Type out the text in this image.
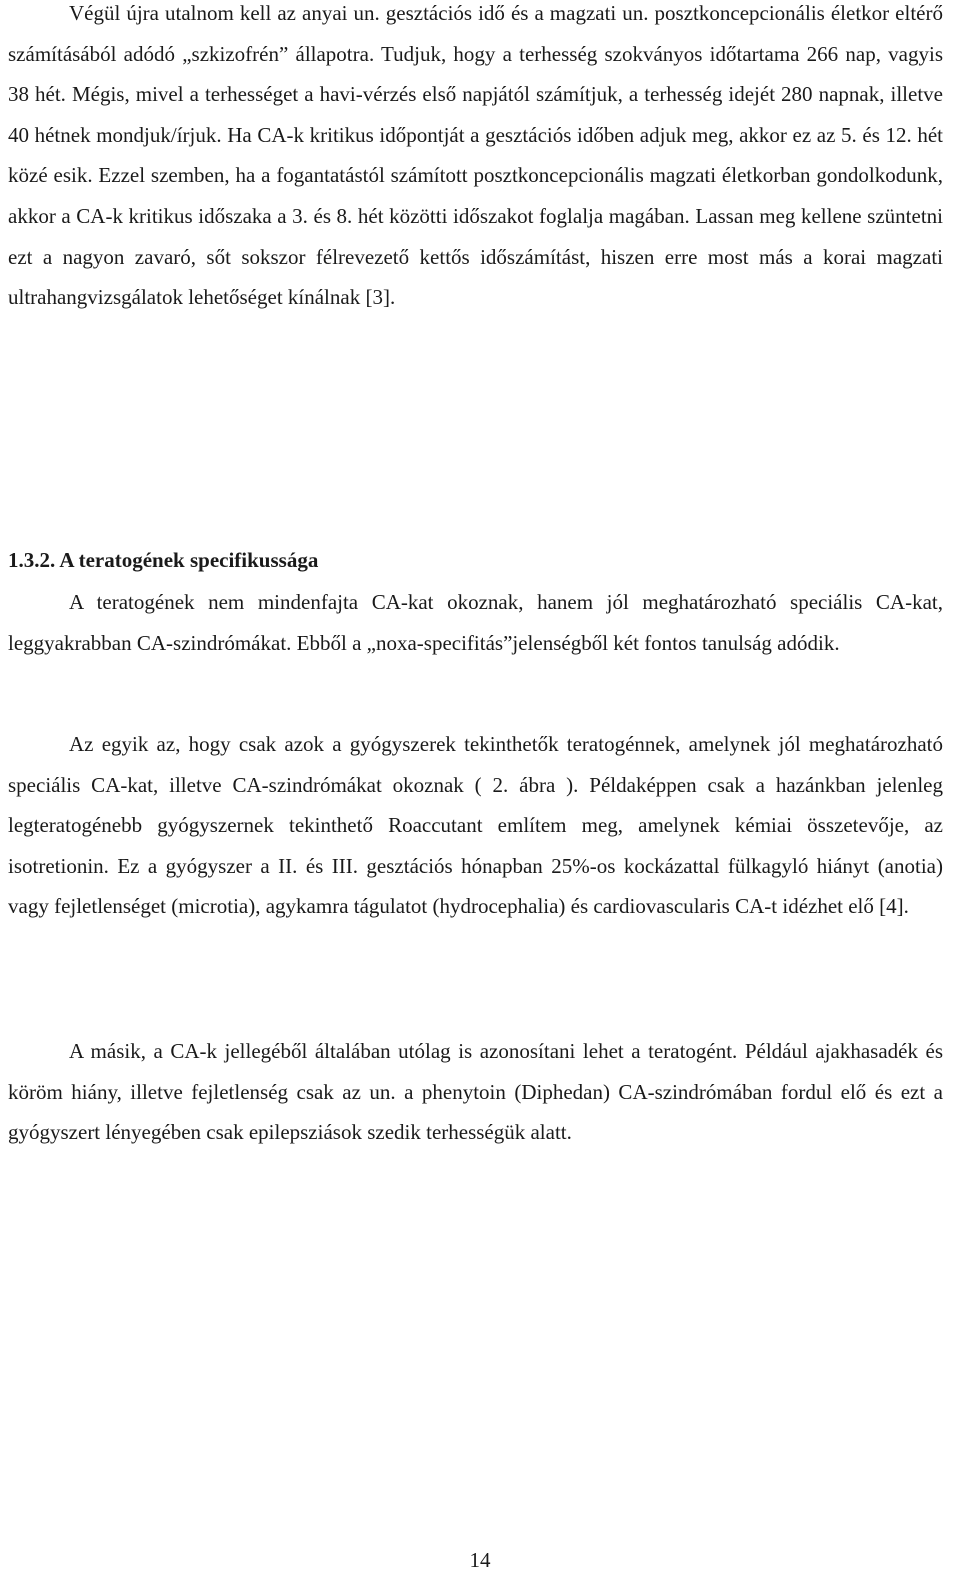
Végül újra utalnom kell az anyai un. gesztációs idő és a magzati un. posztkoncepcionális életkor eltérő számításából adódó „szkizofrén” állapotra. Tudjuk, hogy a terhesség szokványos időtartama 266 nap, vagyis 38 hét. Mégis, mivel a terhességet a havi-vérzés első napjától számítjuk, a terhesség idejét 280 napnak, illetve 40 hétnek mondjuk/írjuk. Ha CA-k kritikus időpontját a gesztációs időben adjuk meg, akkor ez az 5. és 12. hét közé esik. Ezzel szemben, ha a fogantatástól számított posztkoncepcionális magzati életkorban gondolkodunk, akkor a CA-k kritikus időszaka a 3. és 8. hét közötti időszakot foglalja magában. Lassan meg kellene szüntetni ezt a nagyon zavaró, sőt sokszor félrevezető kettős időszámítást, hiszen erre most más a korai magzati ultrahangvizsgálatok lehetőséget kínálnak [3].

1.3.2. A teratogének specifikussága

A teratogének nem mindenfajta CA-kat okoznak, hanem jól meghatározható speciális CA-kat, leggyakrabban CA-szindrómákat. Ebből a „noxa-specifitás”jelenségből két fontos tanulság adódik.

Az egyik az, hogy csak azok a gyógyszerek tekinthetők teratogénnek, amelynek jól meghatározható speciális CA-kat, illetve CA-szindrómákat okoznak ( 2. ábra ). Példaképpen csak a hazánkban jelenleg legteratogénebb gyógyszernek tekinthető Roaccutant említem meg, amelynek kémiai összetevője, az isotretionin. Ez a gyógyszer a II. és III. gesztációs hónapban 25%-os kockázattal fülkagyló hiányt (anotia) vagy fejletlenséget (microtia), agykamra tágulatot (hydrocephalia) és cardiovascularis CA-t idézhet elő [4].

A másik, a CA-k jellegéből általában utólag is azonosítani lehet a teratogént. Például ajakhasadék és köröm hiány, illetve fejletlenség csak az un. a phenytoin (Diphedan) CA-szindrómában fordul elő és ezt a gyógyszert lényegében csak epilepsziások szedik terhességük alatt.

14
